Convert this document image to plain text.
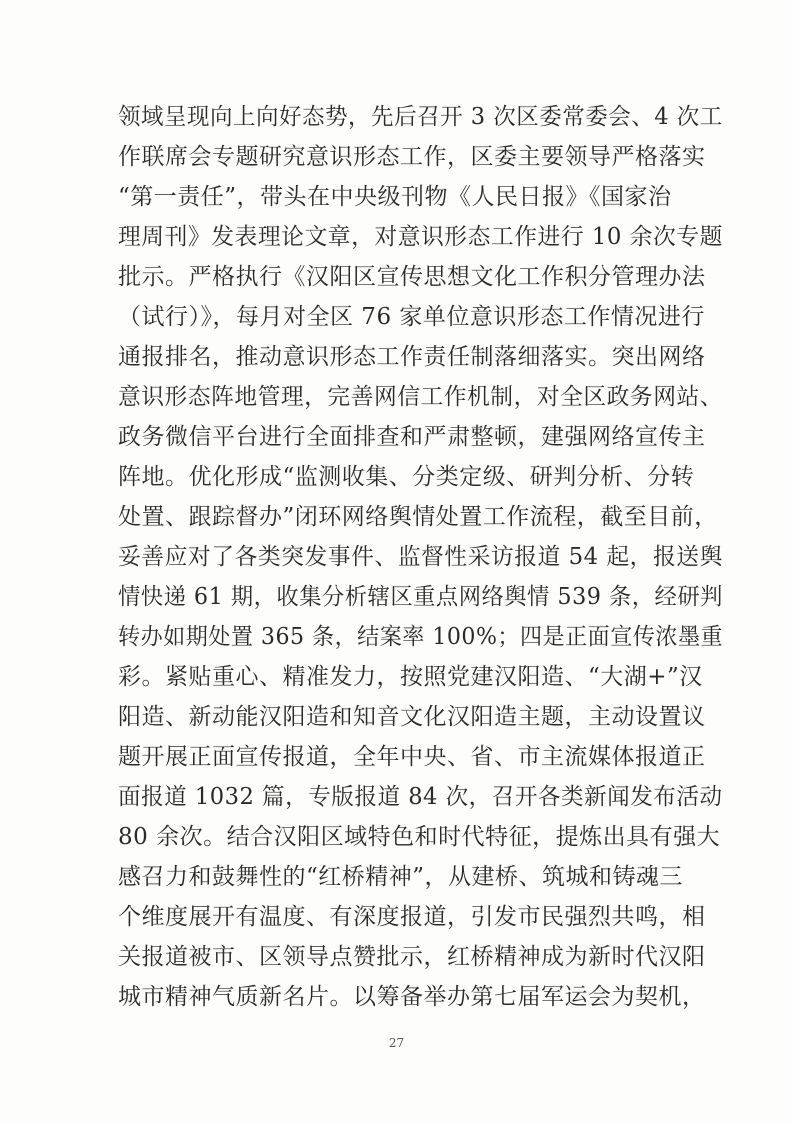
领域呈现向上向好态势，先后召开 3 次区委常委会、4 次工
作联席会专题研究意识形态工作，区委主要领导严格落实
“第一责任”，带头在中央级刊物《人民日报》《国家治
理周刊》发表理论文章，对意识形态工作进行 10 余次专题
批示。严格执行《汉阳区宣传思想文化工作积分管理办法
（试行）》，每月对全区 76 家单位意识形态工作情况进行
通报排名，推动意识形态工作责任制落细落实。突出网络
意识形态阵地管理，完善网信工作机制，对全区政务网站、
政务微信平台进行全面排查和严肃整顿，建强网络宣传主
阵地。优化形成“监测收集、分类定级、研判分析、分转
处置、跟踪督办”闭环网络舆情处置工作流程，截至目前，
妥善应对了各类突发事件、监督性采访报道 54 起，报送舆
情快递 61 期，收集分析辖区重点网络舆情 539 条，经研判
转办如期处置 365 条，结案率 100%；四是正面宣传浓墨重
彩。紧贴重心、精准发力，按照党建汉阳造、“大湖+”汉
阳造、新动能汉阳造和知音文化汉阳造主题，主动设置议
题开展正面宣传报道，全年中央、省、市主流媒体报道正
面报道 1032 篇，专版报道 84 次，召开各类新闻发布活动
80 余次。结合汉阳区域特色和时代特征，提炼出具有强大
感召力和鼓舞性的“红桥精神”，从建桥、筑城和铸魂三
个维度展开有温度、有深度报道，引发市民强烈共鸣，相
关报道被市、区领导点赞批示，红桥精神成为新时代汉阳
城市精神气质新名片。以筹备举办第七届军运会为契机，
27
